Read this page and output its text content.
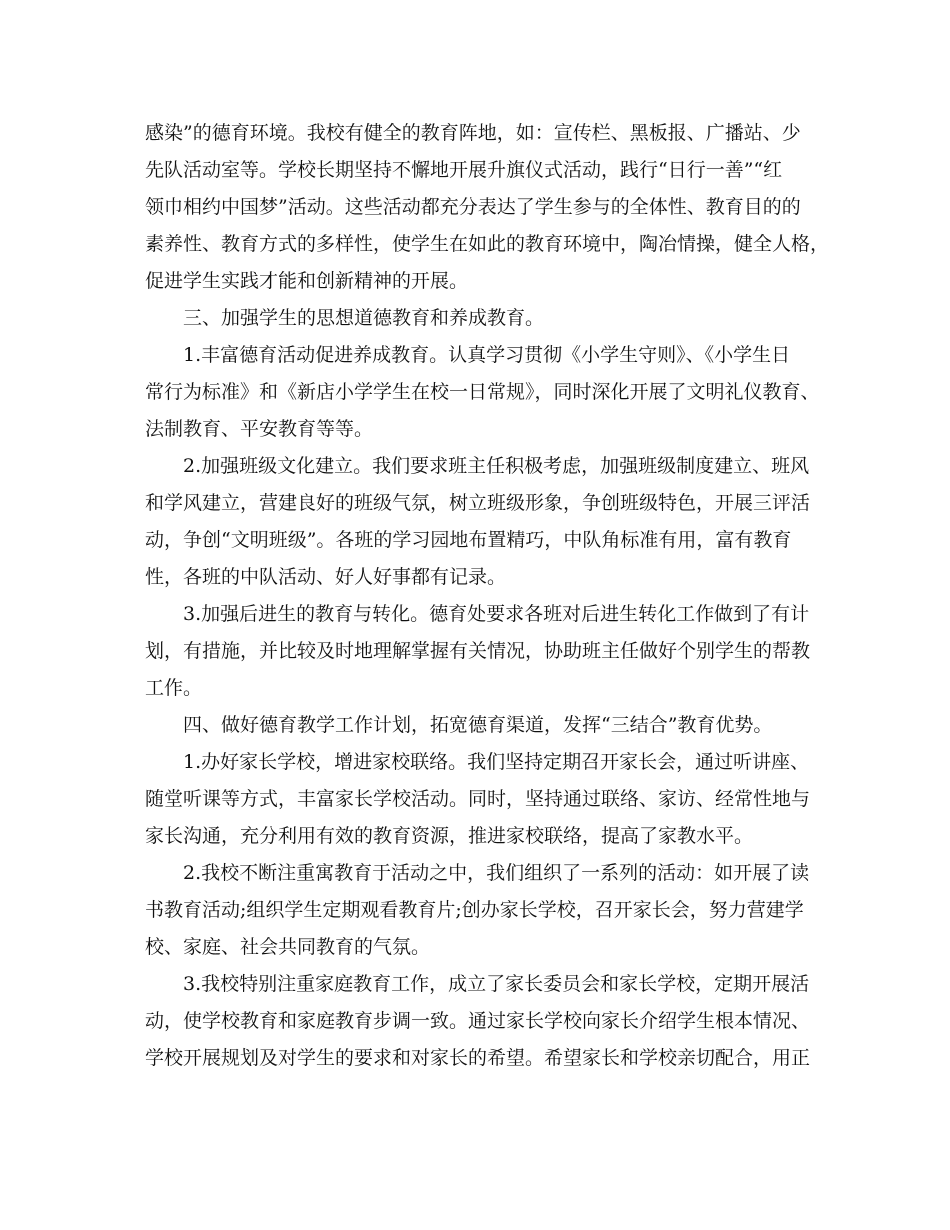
感染”的德育环境。我校有健全的教育阵地，如：宣传栏、黑板报、广播站、少
先队活动室等。学校长期坚持不懈地开展升旗仪式活动，践行“日行一善”“红
领巾相约中国梦”活动。这些活动都充分表达了学生参与的全体性、教育目的的
素养性、教育方式的多样性，使学生在如此的教育环境中，陶冶情操，健全人格，
促进学生实践才能和创新精神的开展。
三、加强学生的思想道德教育和养成教育。
1.丰富德育活动促进养成教育。认真学习贯彻《小学生守则》、《小学生日
常行为标准》和《新店小学学生在校一日常规》，同时深化开展了文明礼仪教育、
法制教育、平安教育等等。
2.加强班级文化建立。我们要求班主任积极考虑，加强班级制度建立、班风
和学风建立，营建良好的班级气氛，树立班级形象，争创班级特色，开展三评活
动，争创“文明班级”。各班的学习园地布置精巧，中队角标准有用，富有教育
性，各班的中队活动、好人好事都有记录。
3.加强后进生的教育与转化。德育处要求各班对后进生转化工作做到了有计
划，有措施，并比较及时地理解掌握有关情况，协助班主任做好个别学生的帮教
工作。
四、做好德育教学工作计划，拓宽德育渠道，发挥“三结合”教育优势。
1.办好家长学校，增进家校联络。我们坚持定期召开家长会，通过听讲座、
随堂听课等方式，丰富家长学校活动。同时，坚持通过联络、家访、经常性地与
家长沟通，充分利用有效的教育资源，推进家校联络，提高了家教水平。
2.我校不断注重寓教育于活动之中，我们组织了一系列的活动：如开展了读
书教育活动;组织学生定期观看教育片;创办家长学校，召开家长会，努力营建学
校、家庭、社会共同教育的气氛。
3.我校特别注重家庭教育工作，成立了家长委员会和家长学校，定期开展活
动，使学校教育和家庭教育步调一致。通过家长学校向家长介绍学生根本情况、
学校开展规划及对学生的要求和对家长的希望。希望家长和学校亲切配合，用正
